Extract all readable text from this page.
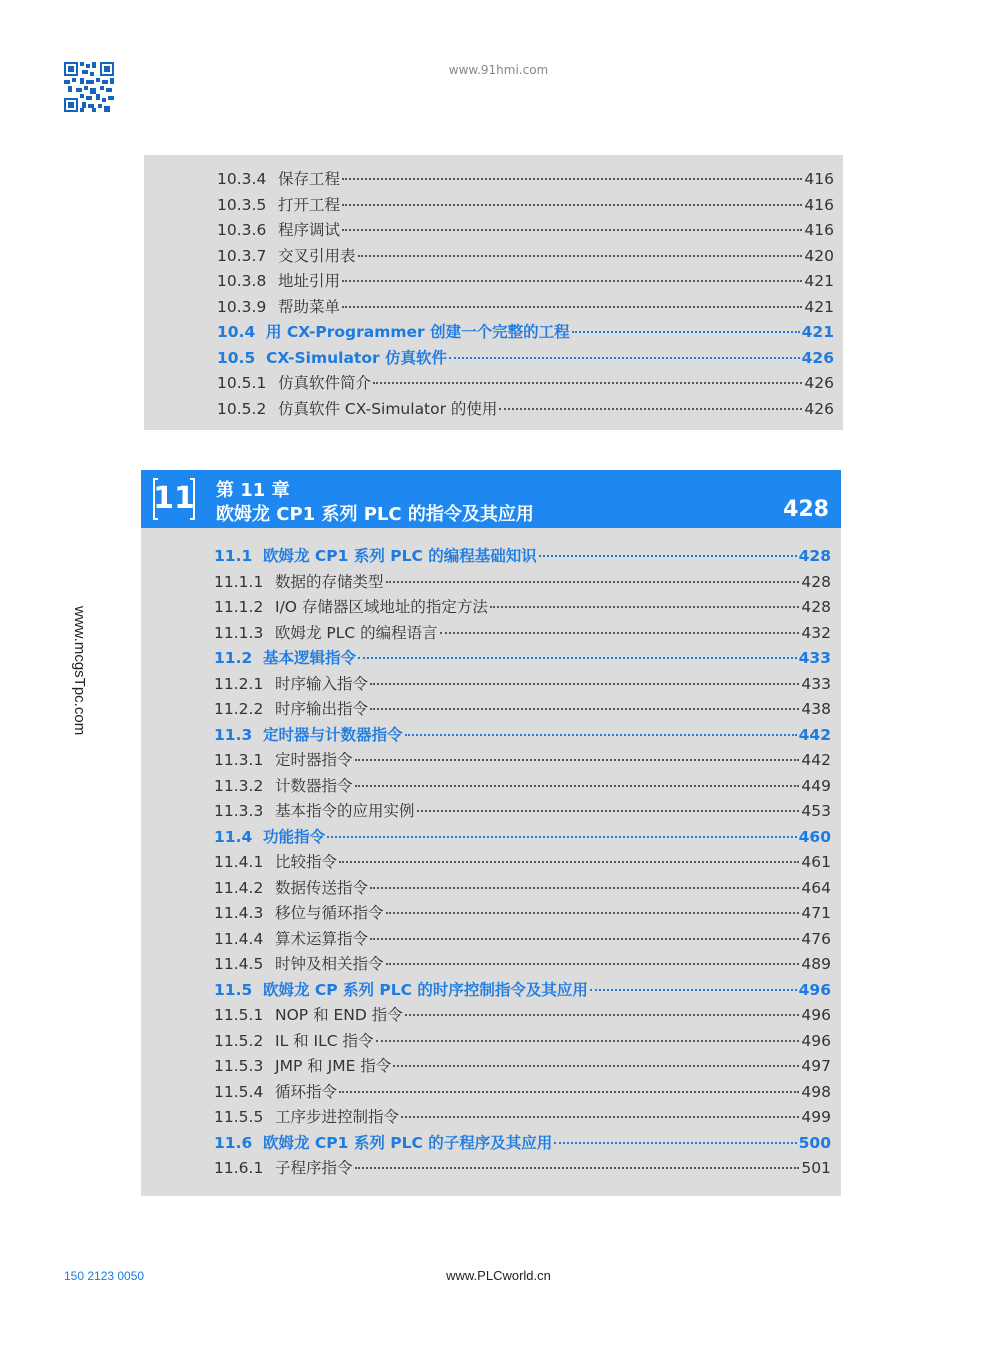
www.91hmi.com
www.mcgsTpc.com
10.3.4 保存工程	416
10.3.5 打开工程	416
10.3.6 程序调试	416
10.3.7 交叉引用表	420
10.3.8 地址引用	421
10.3.9 帮助菜单	421
10.4 用 CX-Programmer 创建一个完整的工程	421
10.5 CX-Simulator 仿真软件	426
10.5.1 仿真软件简介	426
10.5.2 仿真软件 CX-Simulator 的使用	426
11 第 11 章
欧姆龙 CP1 系列 PLC 的指令及其应用	428
11.1 欧姆龙 CP1 系列 PLC 的编程基础知识	428
11.1.1 数据的存储类型	428
11.1.2 I/O 存储器区域地址的指定方法	428
11.1.3 欧姆龙 PLC 的编程语言	432
11.2 基本逻辑指令	433
11.2.1 时序输入指令	433
11.2.2 时序输出指令	438
11.3 定时器与计数器指令	442
11.3.1 定时器指令	442
11.3.2 计数器指令	449
11.3.3 基本指令的应用实例	453
11.4 功能指令	460
11.4.1 比较指令	461
11.4.2 数据传送指令	464
11.4.3 移位与循环指令	471
11.4.4 算术运算指令	476
11.4.5 时钟及相关指令	489
11.5 欧姆龙 CP 系列 PLC 的时序控制指令及其应用	496
11.5.1 NOP 和 END 指令	496
11.5.2 IL 和 ILC 指令	496
11.5.3 JMP 和 JME 指令	497
11.5.4 循环指令	498
11.5.5 工序步进控制指令	499
11.6 欧姆龙 CP1 系列 PLC 的子程序及其应用	500
11.6.1 子程序指令	501
150 2123 0050	www.PLCworld.cn
